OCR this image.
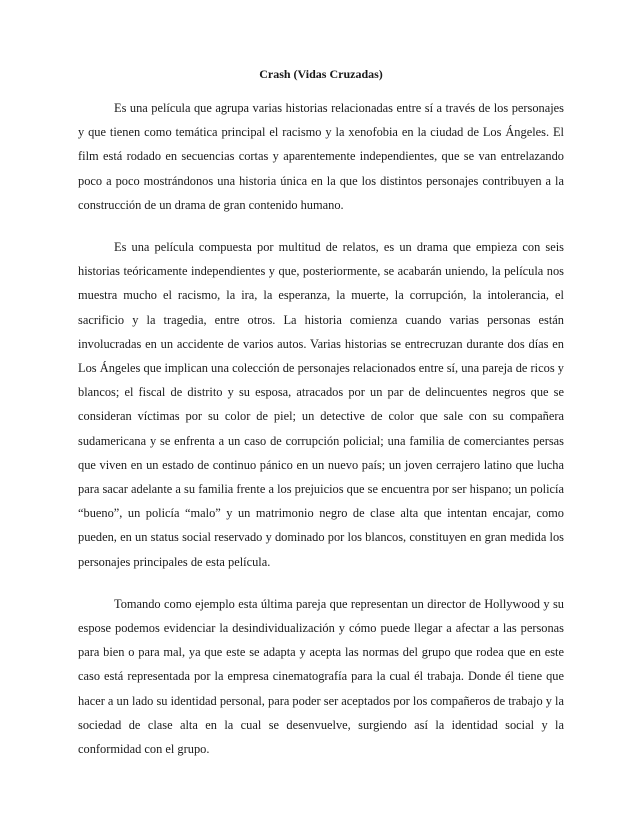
Crash (Vidas Cruzadas)

Es una película que agrupa varias historias relacionadas entre sí a través de los personajes y que tienen como temática principal el racismo y la xenofobia en la ciudad de Los Ángeles. El film está rodado en secuencias cortas y aparentemente independientes, que se van entrelazando poco a poco mostrándonos una historia única en la que los distintos personajes contribuyen a la construcción de un drama de gran contenido humano.

Es una película compuesta por multitud de relatos, es un drama que empieza con seis historias teóricamente independientes y que, posteriormente, se acabarán uniendo, la película nos muestra mucho el racismo, la ira, la esperanza, la muerte, la corrupción, la intolerancia, el sacrificio y la tragedia, entre otros. La historia comienza cuando varias personas están involucradas en un accidente de varios autos. Varias historias se entrecruzan durante dos días en Los Ángeles que implican una colección de personajes relacionados entre sí, una pareja de ricos y blancos; el fiscal de distrito y su esposa, atracados por un par de delincuentes negros que se consideran víctimas por su color de piel; un detective de color que sale con su compañera sudamericana y se enfrenta a un caso de corrupción policial; una familia de comerciantes persas que viven en un estado de continuo pánico en un nuevo país; un joven cerrajero latino que lucha para sacar adelante a su familia frente a los prejuicios que se encuentra por ser hispano; un policía “bueno”, un policía “malo” y un matrimonio negro de clase alta que intentan encajar, como pueden, en un status social reservado y dominado por los blancos, constituyen en gran medida los personajes principales de esta película.

Tomando como ejemplo esta última pareja que representan un director de Hollywood y su espose podemos evidenciar la desindividualización y cómo puede llegar a afectar a las personas para bien o para mal, ya que este se adapta y acepta las normas del grupo que rodea que en este caso está representada por la empresa cinematografía para la cual él trabaja. Donde él tiene que hacer a un lado su identidad personal, para poder ser aceptados por los compañeros de trabajo y la sociedad de clase alta en la cual se desenvuelve, surgiendo así la identidad social y la conformidad con el grupo.
